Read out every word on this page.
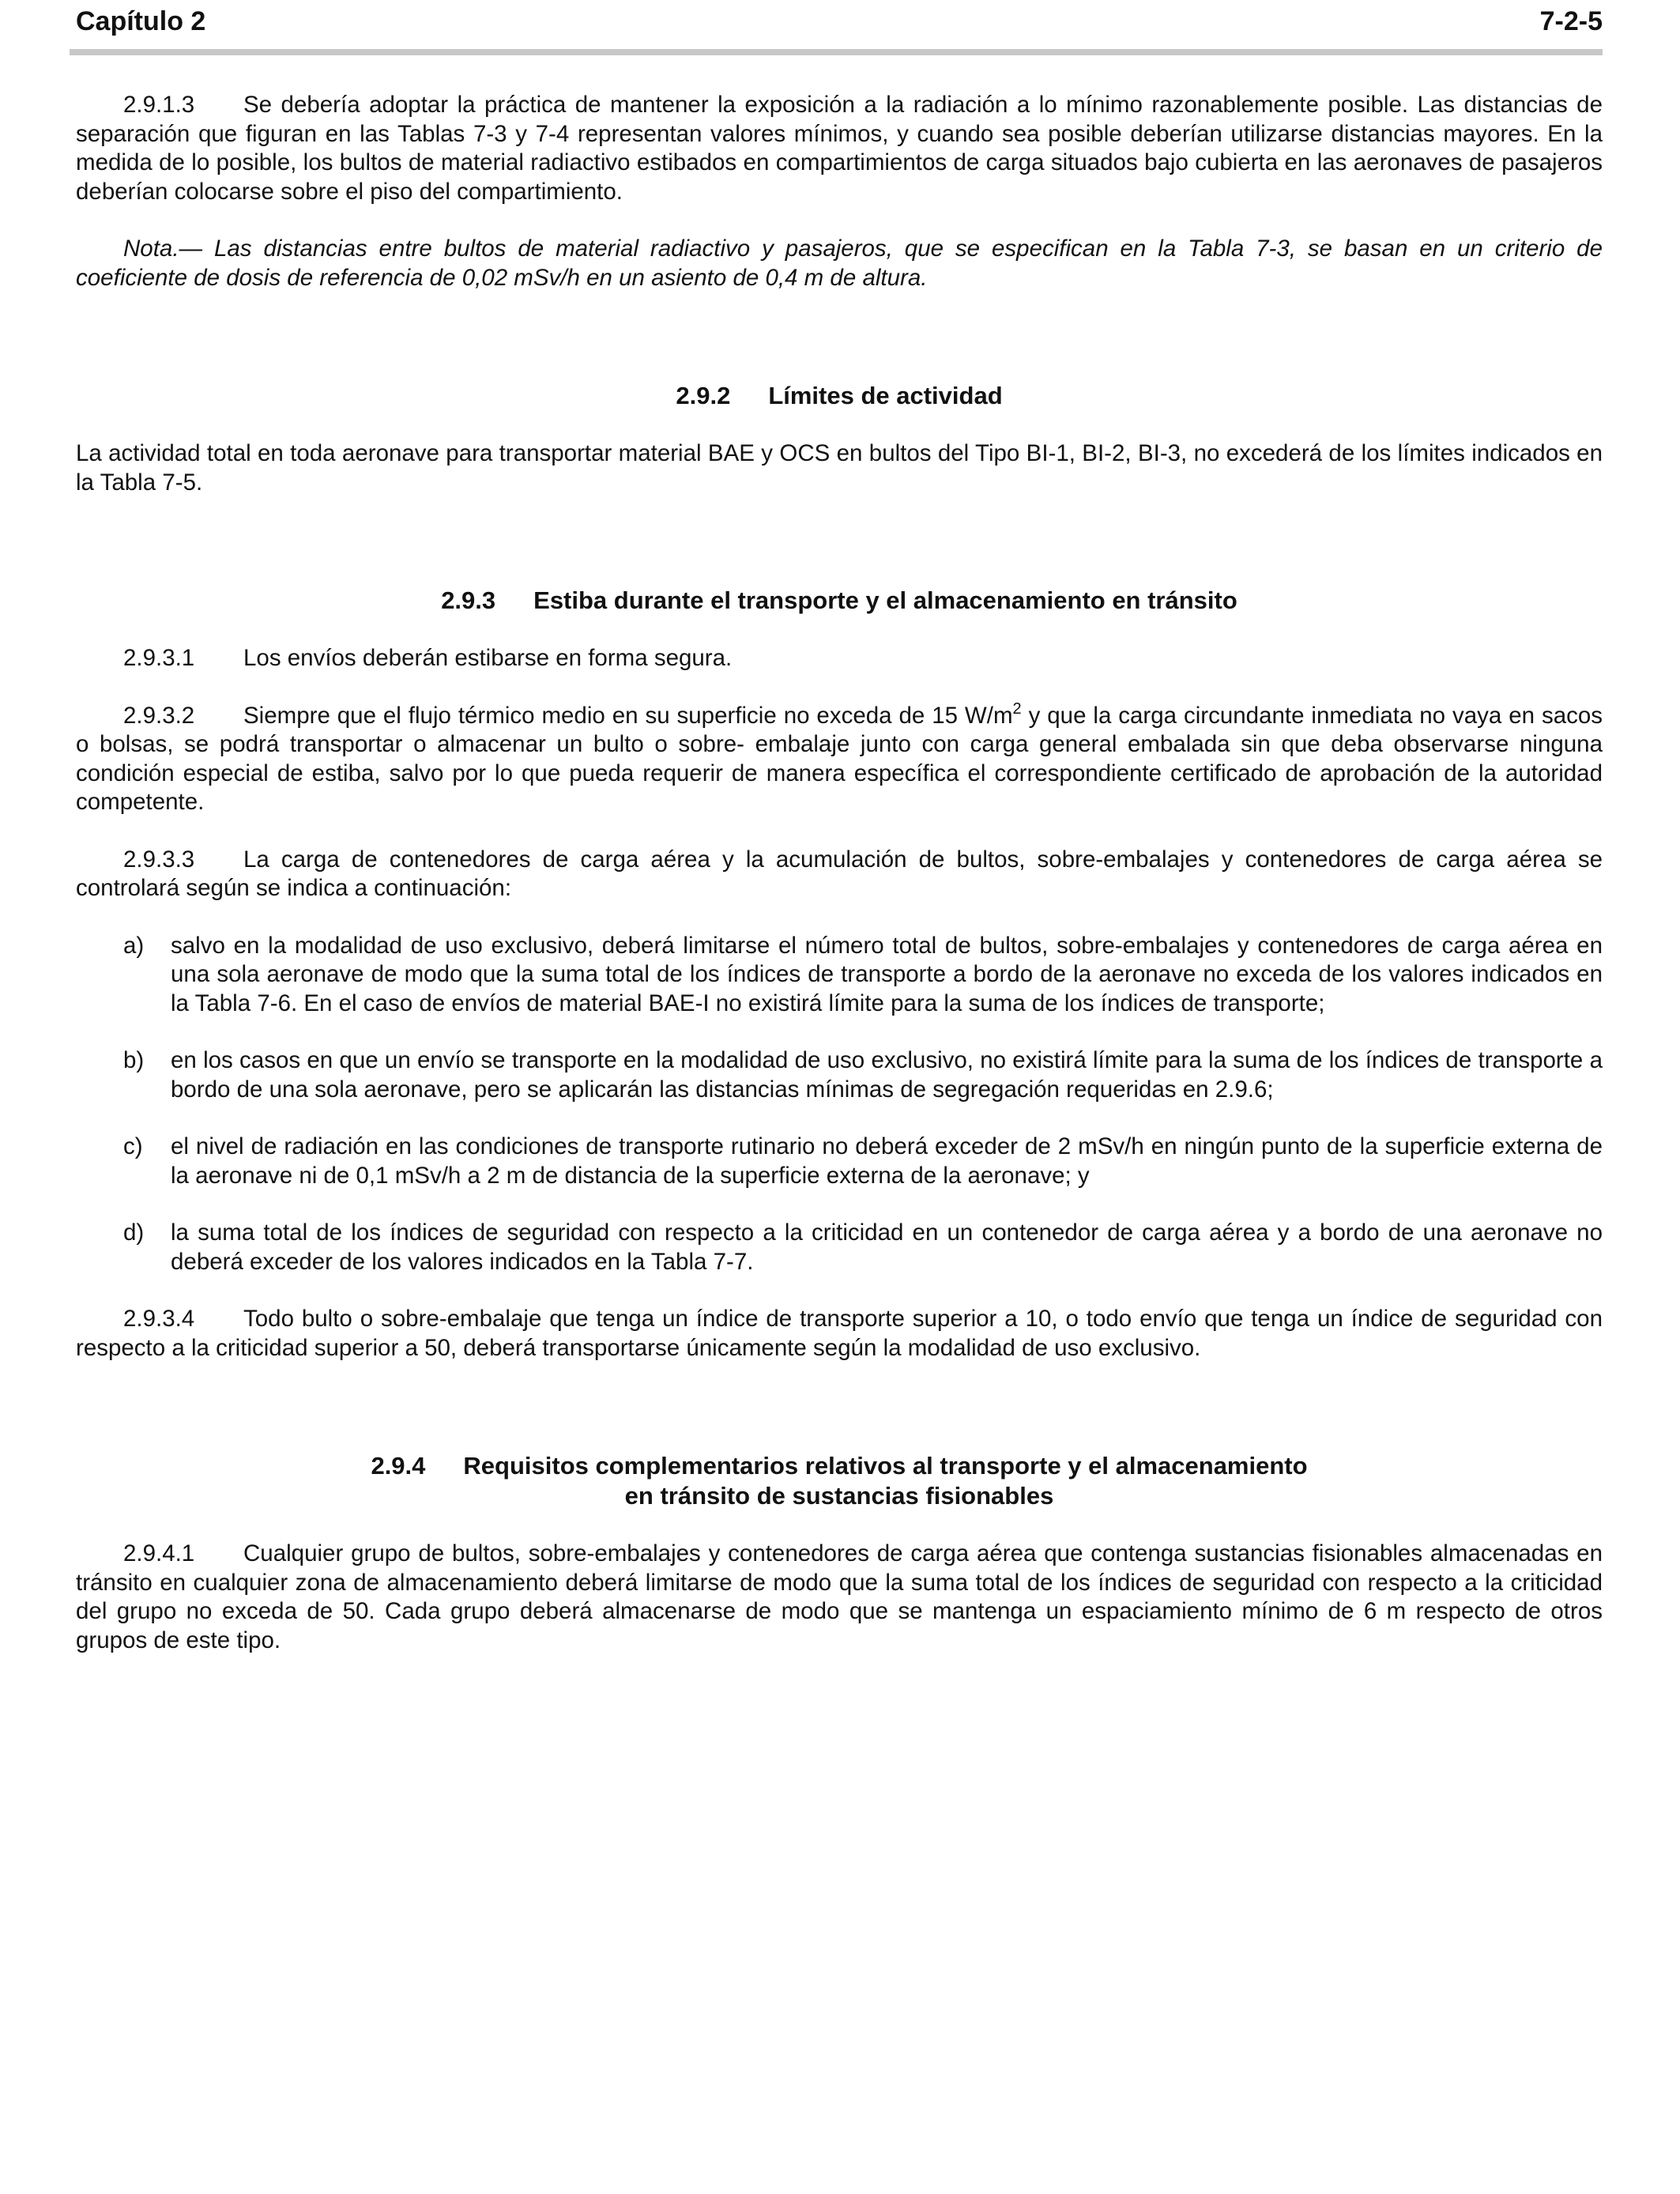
Capítulo 2	7-2-5

2.9.1.3 Se debería adoptar la práctica de mantener la exposición a la radiación a lo mínimo razonablemente posible. Las distancias de separación que figuran en las Tablas 7-3 y 7-4 representan valores mínimos, y cuando sea posible deberían utilizarse distancias mayores. En la medida de lo posible, los bultos de material radiactivo estibados en compartimientos de carga situados bajo cubierta en las aeronaves de pasajeros deberían colocarse sobre el piso del compartimiento.

Nota.— Las distancias entre bultos de material radiactivo y pasajeros, que se especifican en la Tabla 7-3, se basan en un criterio de coeficiente de dosis de referencia de 0,02 mSv/h en un asiento de 0,4 m de altura.

2.9.2 Límites de actividad

La actividad total en toda aeronave para transportar material BAE y OCS en bultos del Tipo BI-1, BI-2, BI-3, no excederá de los límites indicados en la Tabla 7-5.

2.9.3 Estiba durante el transporte y el almacenamiento en tránsito

2.9.3.1 Los envíos deberán estibarse en forma segura.

2.9.3.2 Siempre que el flujo térmico medio en su superficie no exceda de 15 $W/m^2$ y que la carga circundante inmediata no vaya en sacos o bolsas, se podrá transportar o almacenar un bulto o sobre- embalaje junto con carga general embalada sin que deba observarse ninguna condición especial de estiba, salvo por lo que pueda requerir de manera específica el correspondiente certificado de aprobación de la autoridad competente.

2.9.3.3 La carga de contenedores de carga aérea y la acumulación de bultos, sobre-embalajes y contenedores de carga aérea se controlará según se indica a continuación:

a) salvo en la modalidad de uso exclusivo, deberá limitarse el número total de bultos, sobre-embalajes y contenedores de carga aérea en una sola aeronave de modo que la suma total de los índices de transporte a bordo de la aeronave no exceda de los valores indicados en la Tabla 7-6. En el caso de envíos de material BAE-I no existirá límite para la suma de los índices de transporte;
b) en los casos en que un envío se transporte en la modalidad de uso exclusivo, no existirá límite para la suma de los índices de transporte a bordo de una sola aeronave, pero se aplicarán las distancias mínimas de segregación requeridas en 2.9.6;
c) el nivel de radiación en las condiciones de transporte rutinario no deberá exceder de 2 mSv/h en ningún punto de la superficie externa de la aeronave ni de 0,1 mSv/h a 2 m de distancia de la superficie externa de la aeronave; y
d) la suma total de los índices de seguridad con respecto a la criticidad en un contenedor de carga aérea y a bordo de una aeronave no deberá exceder de los valores indicados en la Tabla 7-7.

2.9.3.4 Todo bulto o sobre-embalaje que tenga un índice de transporte superior a 10, o todo envío que tenga un índice de seguridad con respecto a la criticidad superior a 50, deberá transportarse únicamente según la modalidad de uso exclusivo.

2.9.4 Requisitos complementarios relativos al transporte y el almacenamiento
en tránsito de sustancias fisionables

2.9.4.1 Cualquier grupo de bultos, sobre-embalajes y contenedores de carga aérea que contenga sustancias fisionables almacenadas en tránsito en cualquier zona de almacenamiento deberá limitarse de modo que la suma total de los índices de seguridad con respecto a la criticidad del grupo no exceda de 50. Cada grupo deberá almacenarse de modo que se mantenga un espaciamiento mínimo de 6 m respecto de otros grupos de este tipo.
